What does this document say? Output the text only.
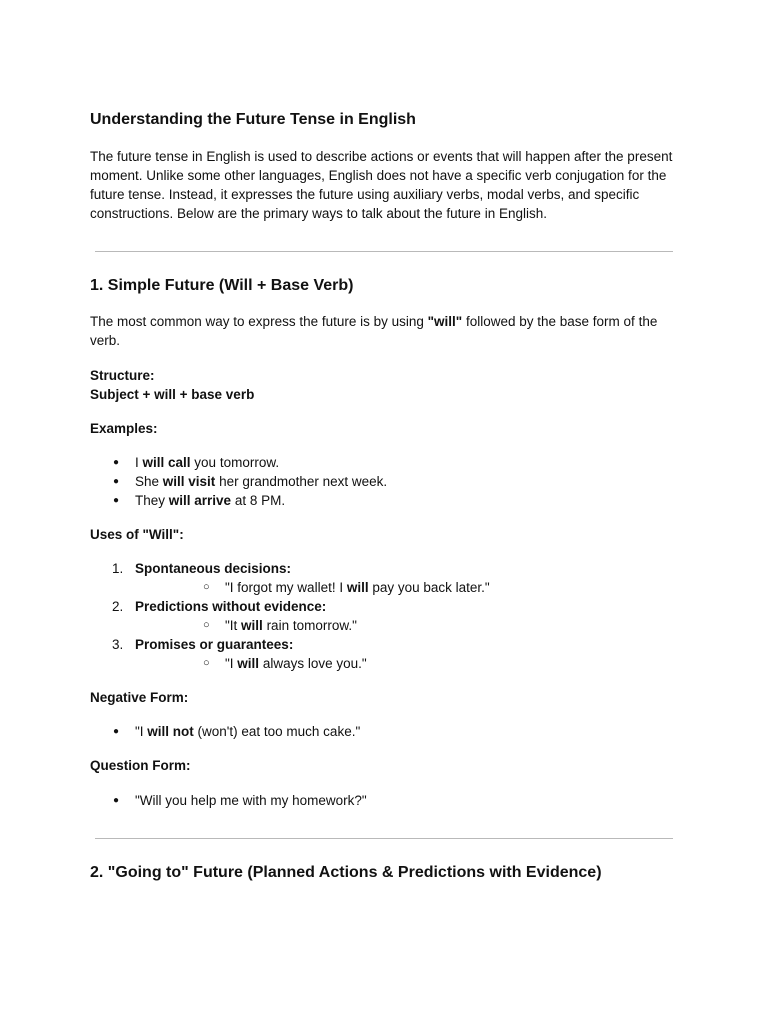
Understanding the Future Tense in English

The future tense in English is used to describe actions or events that will happen after the present moment. Unlike some other languages, English does not have a specific verb conjugation for the future tense. Instead, it expresses the future using auxiliary verbs, modal verbs, and specific constructions. Below are the primary ways to talk about the future in English.

1. Simple Future (Will + Base Verb)

The most common way to express the future is by using "will" followed by the base form of the verb.

Structure:
Subject + will + base verb
Examples:
● I will call you tomorrow.
● She will visit her grandmother next week.
● They will arrive at 8 PM.
Uses of "Will":
1. Spontaneous decisions:
○ "I forgot my wallet! I will pay you back later."
2. Predictions without evidence:
○ "It will rain tomorrow."
3. Promises or guarantees:
○ "I will always love you."
Negative Form:
● "I will not (won't) eat too much cake."
Question Form:
● "Will you help me with my homework?"
2. "Going to" Future (Planned Actions & Predictions with Evidence)
